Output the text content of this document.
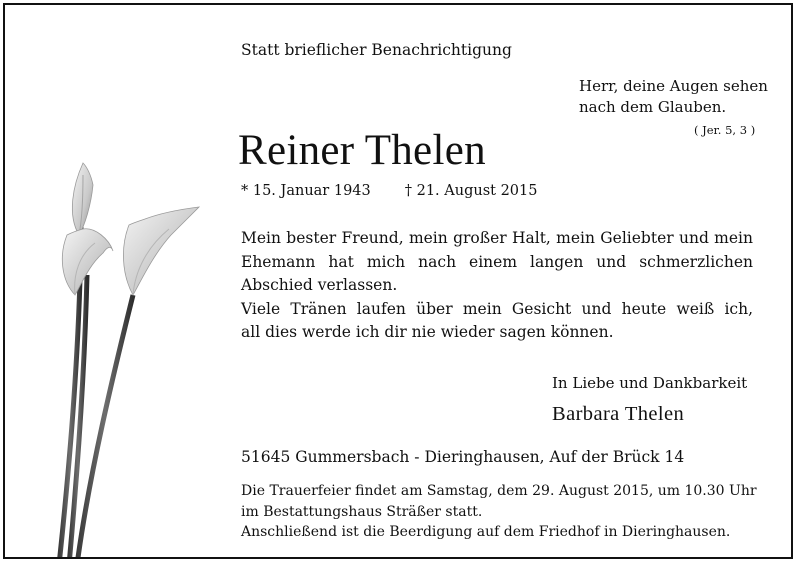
Statt brieflicher Benachrichtigung
Herr, deine Augen sehen
nach dem Glauben.
( Jer. 5, 3 )
Reiner Thelen
* 15. Januar 1943 † 21. August 2015
Mein bester Freund, mein großer Halt, mein Geliebter und mein
Ehemann hat mich nach einem langen und schmerzlichen
Abschied verlassen.
Viele Tränen laufen über mein Gesicht und heute weiß ich,
all dies werde ich dir nie wieder sagen können.
In Liebe und Dankbarkeit
Barbara Thelen
51645 Gummersbach - Dieringhausen, Auf der Brück 14
Die Trauerfeier findet am Samstag, dem 29. August 2015, um 10.30 Uhr
im Bestattungshaus Sträßer statt.
Anschließend ist die Beerdigung auf dem Friedhof in Dieringhausen.
